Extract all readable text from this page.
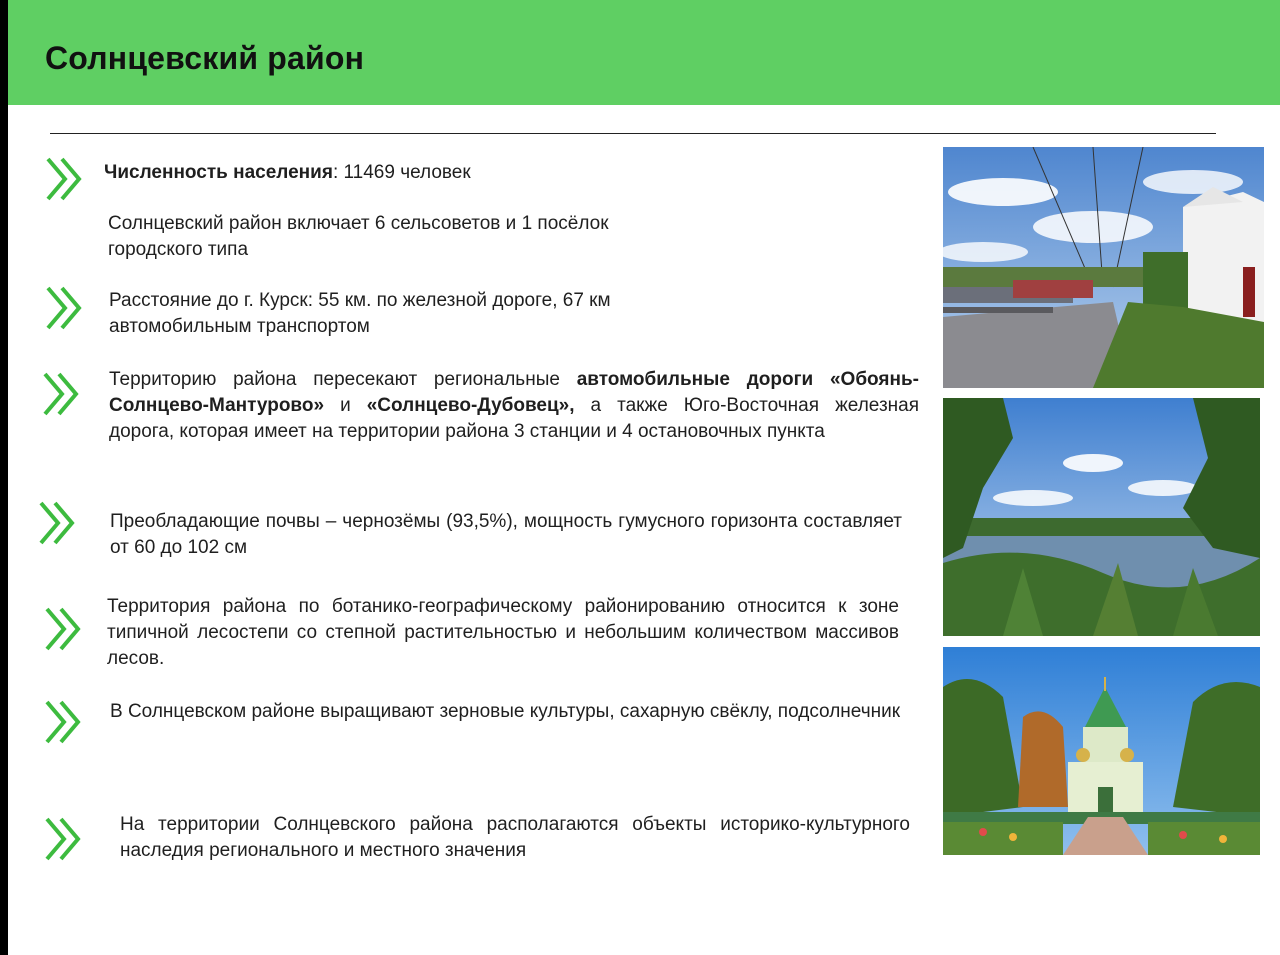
Солнцевский район

Численность населения: 11469 человек

Солнцевский район включает 6 сельсоветов и 1 посёлок городского типа

Расстояние до г. Курск: 55 км. по железной дороге, 67 км автомобильным транспортом

Территорию района пересекают региональные автомобильные дороги «Обоянь-Солнцево-Мантурово» и «Солнцево-Дубовец», а также Юго-Восточная железная дорога, которая имеет на территории района 3 станции и 4 остановочных пункта

Преобладающие почвы – чернозёмы (93,5%), мощность гумусного горизонта составляет от 60 до 102 см

Территория района по ботанико-географическому районированию относится к зоне типичной лесостепи со степной растительностью и небольшим количеством массивов лесов.

В Солнцевском районе выращивают зерновые культуры, сахарную свёклу, подсолнечник

На территории Солнцевского района располагаются объекты историко-культурного наследия регионального и местного значения
